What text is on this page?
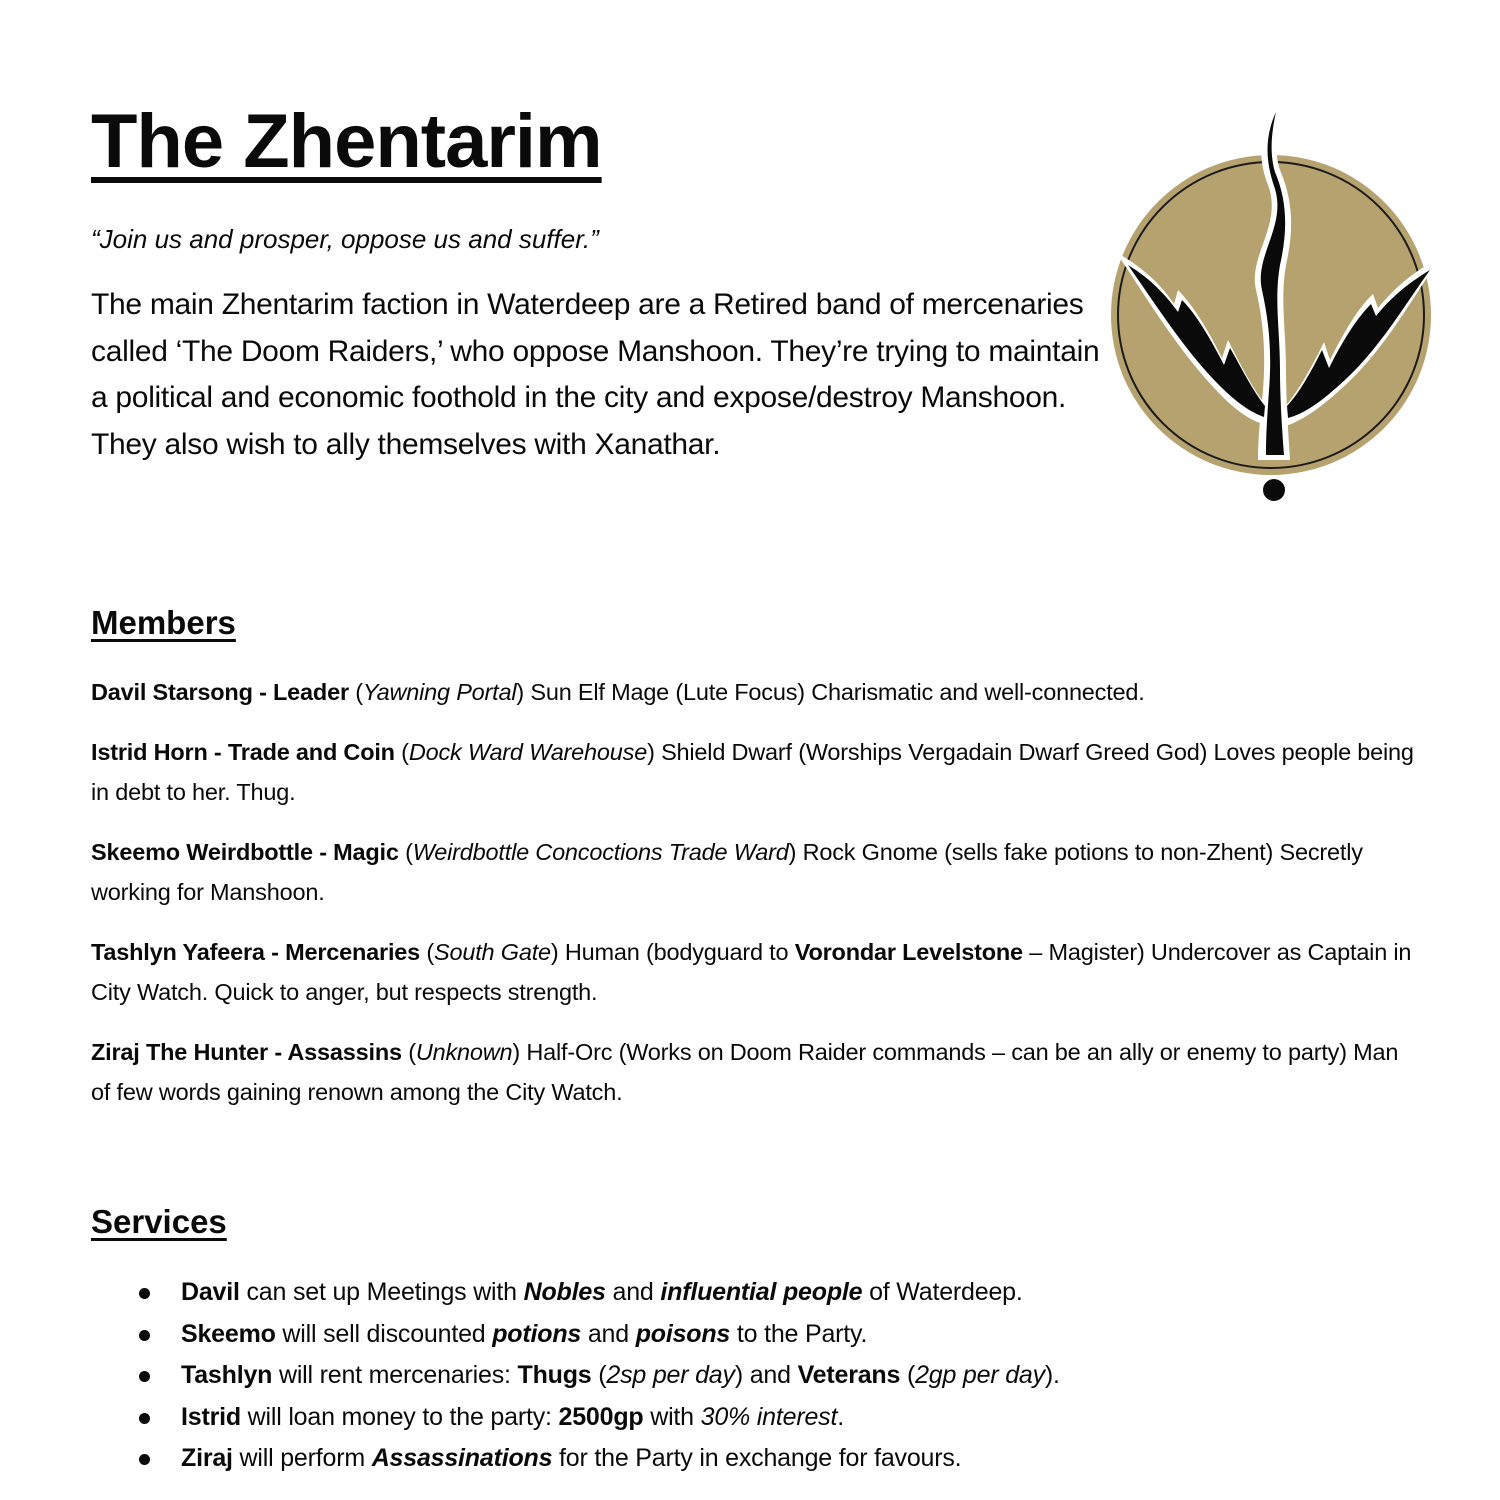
The Zhentarim
“Join us and prosper, oppose us and suffer.”
The main Zhentarim faction in Waterdeep are a Retired band of mercenaries called ‘The Doom Raiders,’ who oppose Manshoon. They’re trying to maintain a political and economic foothold in the city and expose/destroy Manshoon. They also wish to ally themselves with Xanathar.
Members

Davil Starsong - Leader (Yawning Portal) Sun Elf Mage (Lute Focus) Charismatic and well-connected.

Istrid Horn - Trade and Coin (Dock Ward Warehouse) Shield Dwarf (Worships Vergadain Dwarf Greed God) Loves people being in debt to her. Thug.

Skeemo Weirdbottle - Magic (Weirdbottle Concoctions Trade Ward) Rock Gnome (sells fake potions to non-Zhent) Secretly working for Manshoon.

Tashlyn Yafeera - Mercenaries (South Gate) Human (bodyguard to Vorondar Levelstone – Magister) Undercover as Captain in City Watch. Quick to anger, but respects strength.

Ziraj The Hunter - Assassins (Unknown) Half-Orc (Works on Doom Raider commands – can be an ally or enemy to party) Man of few words gaining renown among the City Watch.

Services
Davil can set up Meetings with Nobles and influential people of Waterdeep.
Skeemo will sell discounted potions and poisons to the Party.
Tashlyn will rent mercenaries: Thugs (2sp per day) and Veterans (2gp per day).
Istrid will loan money to the party: 2500gp with 30% interest.
Ziraj will perform Assassinations for the Party in exchange for favours.
